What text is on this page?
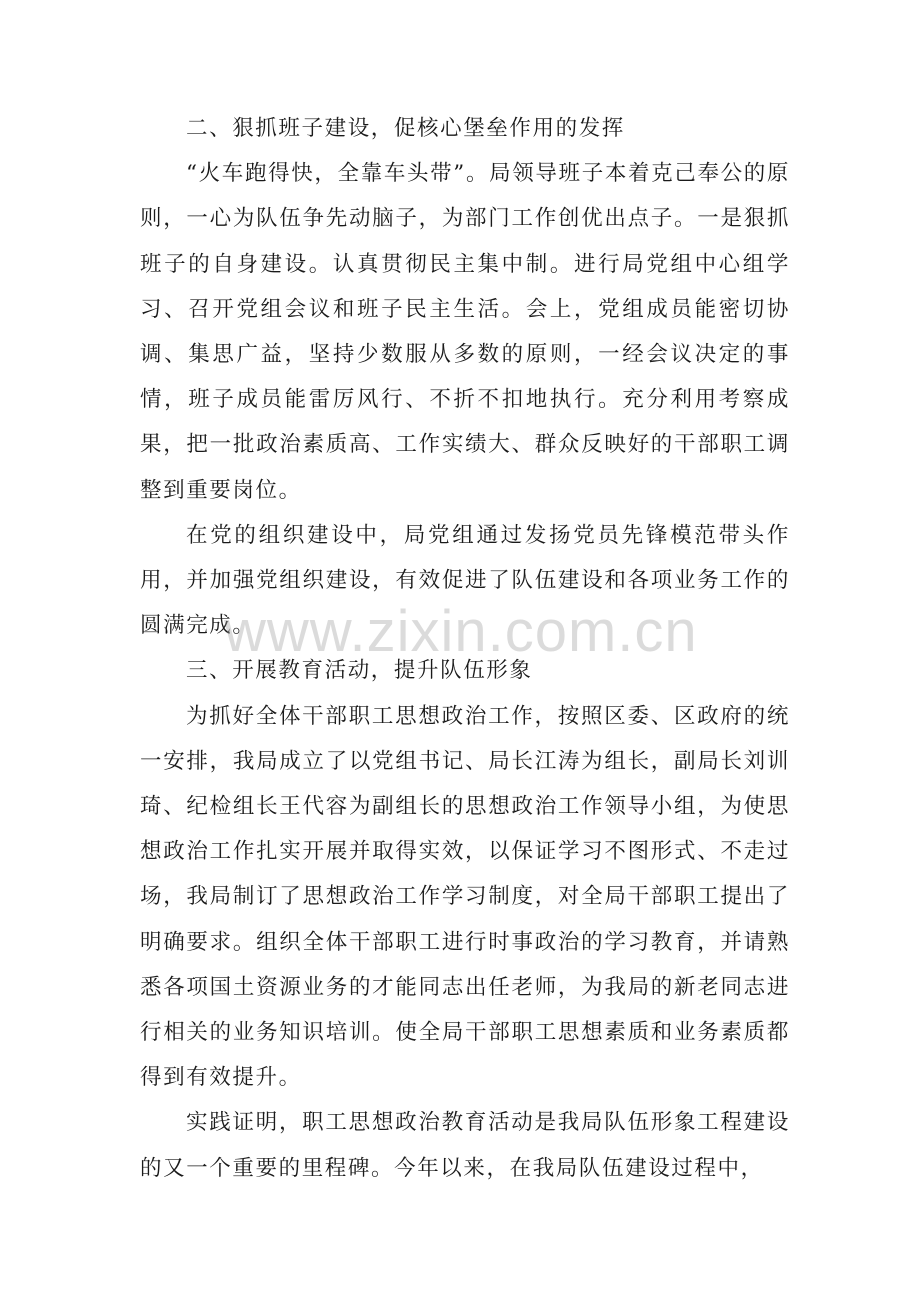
二、狠抓班子建设，促核心堡垒作用的发挥

“火车跑得快，全靠车头带”。局领导班子本着克己奉公的原则，一心为队伍争先动脑子，为部门工作创优出点子。一是狠抓班子的自身建设。认真贯彻民主集中制。进行局党组中心组学习、召开党组会议和班子民主生活。会上，党组成员能密切协调、集思广益，坚持少数服从多数的原则，一经会议决定的事情，班子成员能雷厉风行、不折不扣地执行。充分利用考察成果，把一批政治素质高、工作实绩大、群众反映好的干部职工调整到重要岗位。

在党的组织建设中，局党组通过发扬党员先锋模范带头作用，并加强党组织建设，有效促进了队伍建设和各项业务工作的圆满完成。

三、开展教育活动，提升队伍形象

为抓好全体干部职工思想政治工作，按照区委、区政府的统一安排，我局成立了以党组书记、局长江涛为组长，副局长刘训琦、纪检组长王代容为副组长的思想政治工作领导小组，为使思想政治工作扎实开展并取得实效，以保证学习不图形式、不走过场，我局制订了思想政治工作学习制度，对全局干部职工提出了明确要求。组织全体干部职工进行时事政治的学习教育，并请熟悉各项国土资源业务的才能同志出任老师，为我局的新老同志进行相关的业务知识培训。使全局干部职工思想素质和业务素质都得到有效提升。

实践证明，职工思想政治教育活动是我局队伍形象工程建设的又一个重要的里程碑。今年以来，在我局队伍建设过程中，

www.zixin.com.cn
